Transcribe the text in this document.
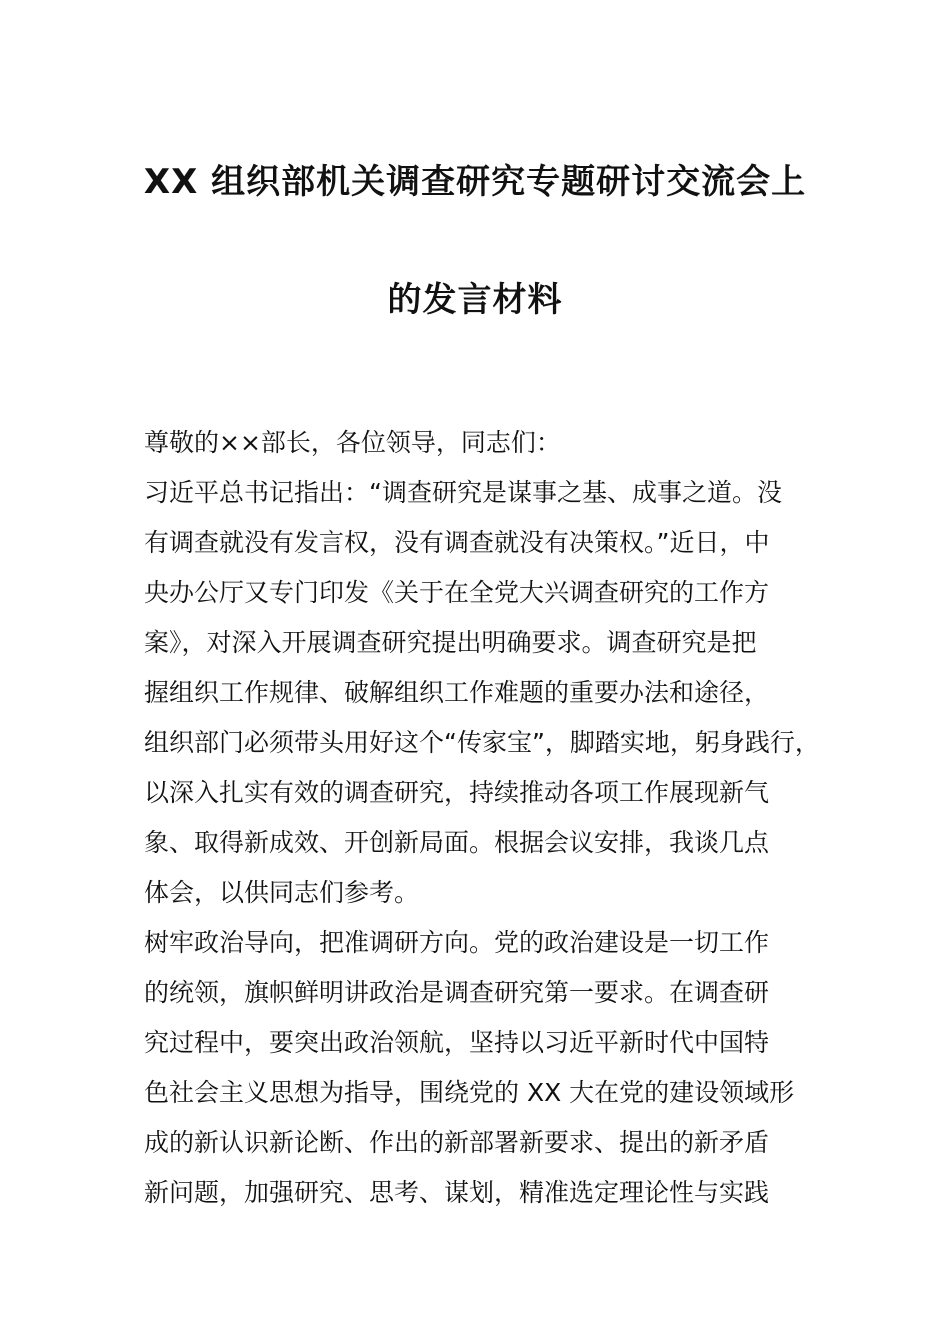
XX 组织部机关调查研究专题研讨交流会上
的发言材料
尊敬的××部长，各位领导，同志们：
习近平总书记指出：“调查研究是谋事之基、成事之道。没
有调查就没有发言权，没有调查就没有决策权。”近日，中
央办公厅又专门印发《关于在全党大兴调查研究的工作方
案》，对深入开展调查研究提出明确要求。调查研究是把
握组织工作规律、破解组织工作难题的重要办法和途径，
组织部门必须带头用好这个“传家宝”，脚踏实地，躬身践行，
以深入扎实有效的调查研究，持续推动各项工作展现新气
象、取得新成效、开创新局面。根据会议安排，我谈几点
体会，以供同志们参考。
树牢政治导向，把准调研方向。党的政治建设是一切工作
的统领，旗帜鲜明讲政治是调查研究第一要求。在调查研
究过程中，要突出政治领航，坚持以习近平新时代中国特
色社会主义思想为指导，围绕党的 XX 大在党的建设领域形
成的新认识新论断、作出的新部署新要求、提出的新矛盾
新问题，加强研究、思考、谋划，精准选定理论性与实践
